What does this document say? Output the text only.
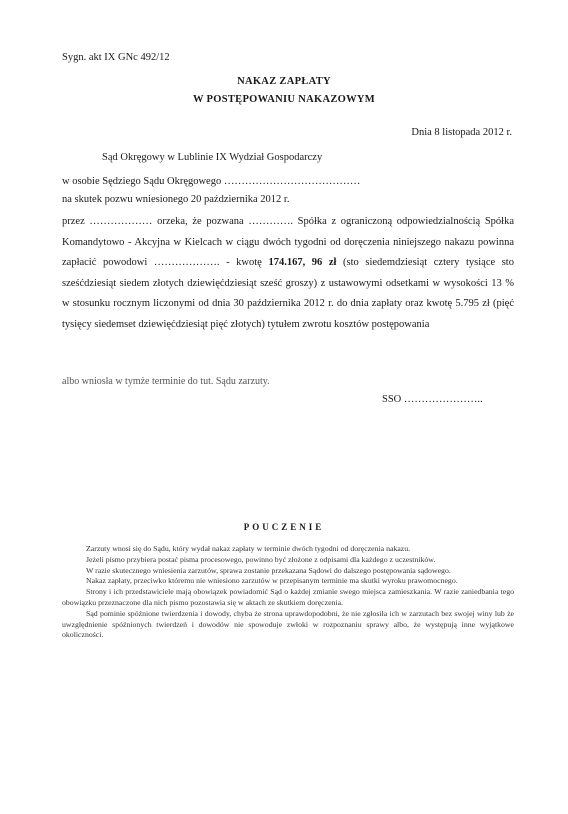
Sygn. akt IX GNc 492/12
NAKAZ ZAPŁATY
W POSTĘPOWANIU NAKAZOWYM
Dnia 8 listopada 2012 r.
Sąd Okręgowy w Lublinie IX Wydział Gospodarczy
w osobie Sędziego Sądu Okręgowego …………………………………
na skutek pozwu wniesionego 20 października 2012 r.
przez ……………… orzeka, że pozwana …………. Spółka z ograniczoną odpowiedzialnością Spółka Komandytowo - Akcyjna w Kielcach w ciągu dwóch tygodni od doręczenia niniejszego nakazu powinna zapłacić powodowi ………………. - kwotę 174.167, 96 zł (sto siedemdziesiąt cztery tysiące sto sześćdziesiąt siedem złotych dziewięćdziesiąt sześć groszy) z ustawowymi odsetkami w wysokości 13 % w stosunku rocznym liczonymi od dnia 30 października 2012 r. do dnia zapłaty oraz kwotę 5.795 zł (pięć tysięcy siedemset dziewięćdziesiąt pięć złotych) tytułem zwrotu kosztów postępowania
albo wniosła w tymże terminie do tut. Sądu zarzuty.
SSO …………………..
POUCZENIE

Zarzuty wnosi się do Sądu, który wydał nakaz zapłaty w terminie dwóch tygodni od doręczenia nakazu.

Jeżeli pismo przybiera postać pisma procesowego, powinno być złożone z odpisami dla każdego z uczestników.

W razie skutecznego wniesienia zarzutów, sprawa zostanie przekazana Sądowi do dalszego postępowania sądowego.

Nakaz zapłaty, przeciwko któremu nie wniesiono zarzutów w przepisanym terminie ma skutki wyroku prawomocnego.

Strony i ich przedstawiciele mają obowiązek powiadomić Sąd o każdej zmianie swego miejsca zamieszkania. W razie zaniedbania tego obowiązku przeznaczone dla nich pismo pozostawia się w aktach ze skutkiem doręczenia.

Sąd pominie spóźnione twierdzenia i dowody, chyba że strona uprawdopodobni, że nie zgłosiła ich w zarzutach bez swojej winy lub że uwzględnienie spóźnionych twierdzeń i dowodów nie spowoduje zwłoki w rozpoznaniu sprawy albo, że występują inne wyjątkowe okoliczności.
